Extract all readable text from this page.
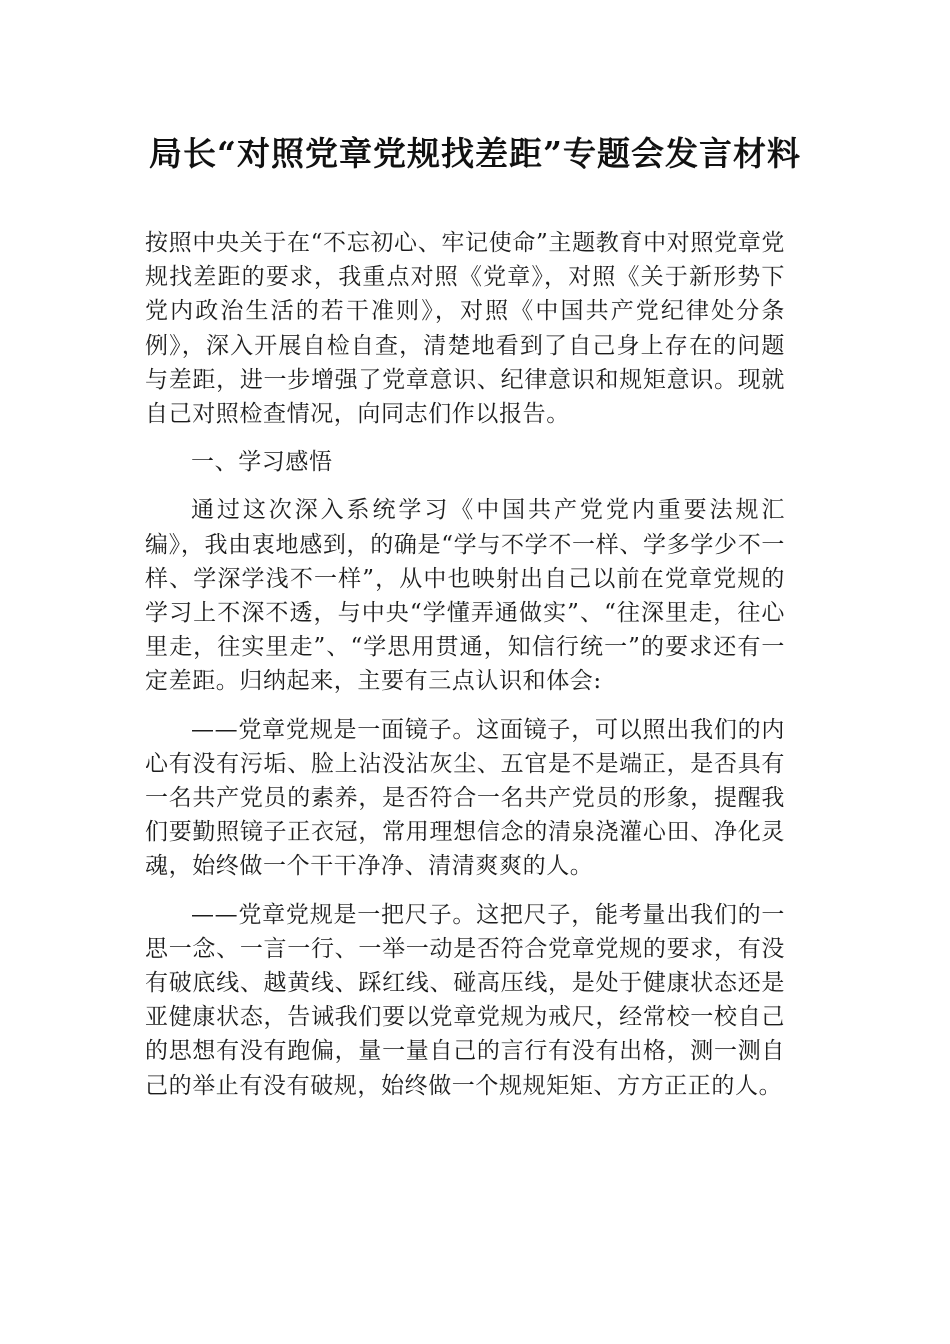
局长“对照党章党规找差距”专题会发言材料

按照中央关于在“不忘初心、牢记使命”主题教育中对照党章党规找差距的要求，我重点对照《党章》，对照《关于新形势下党内政治生活的若干准则》，对照《中国共产党纪律处分条例》，深入开展自检自查，清楚地看到了自己身上存在的问题与差距，进一步增强了党章意识、纪律意识和规矩意识。现就自己对照检查情况，向同志们作以报告。

一、学习感悟

通过这次深入系统学习《中国共产党党内重要法规汇编》，我由衷地感到，的确是“学与不学不一样、学多学少不一样、学深学浅不一样”，从中也映射出自己以前在党章党规的学习上不深不透，与中央“学懂弄通做实”、“往深里走，往心里走，往实里走”、“学思用贯通，知信行统一”的要求还有一定差距。归纳起来，主要有三点认识和体会:

——党章党规是一面镜子。这面镜子，可以照出我们的内心有没有污垢、脸上沾没沾灰尘、五官是不是端正，是否具有一名共产党员的素养，是否符合一名共产党员的形象，提醒我们要勤照镜子正衣冠，常用理想信念的清泉浇灌心田、净化灵魂，始终做一个干干净净、清清爽爽的人。

——党章党规是一把尺子。这把尺子，能考量出我们的一思一念、一言一行、一举一动是否符合党章党规的要求，有没有破底线、越黄线、踩红线、碰高压线，是处于健康状态还是亚健康状态，告诫我们要以党章党规为戒尺，经常校一校自己的思想有没有跑偏，量一量自己的言行有没有出格，测一测自己的举止有没有破规，始终做一个规规矩矩、方方正正的人。
